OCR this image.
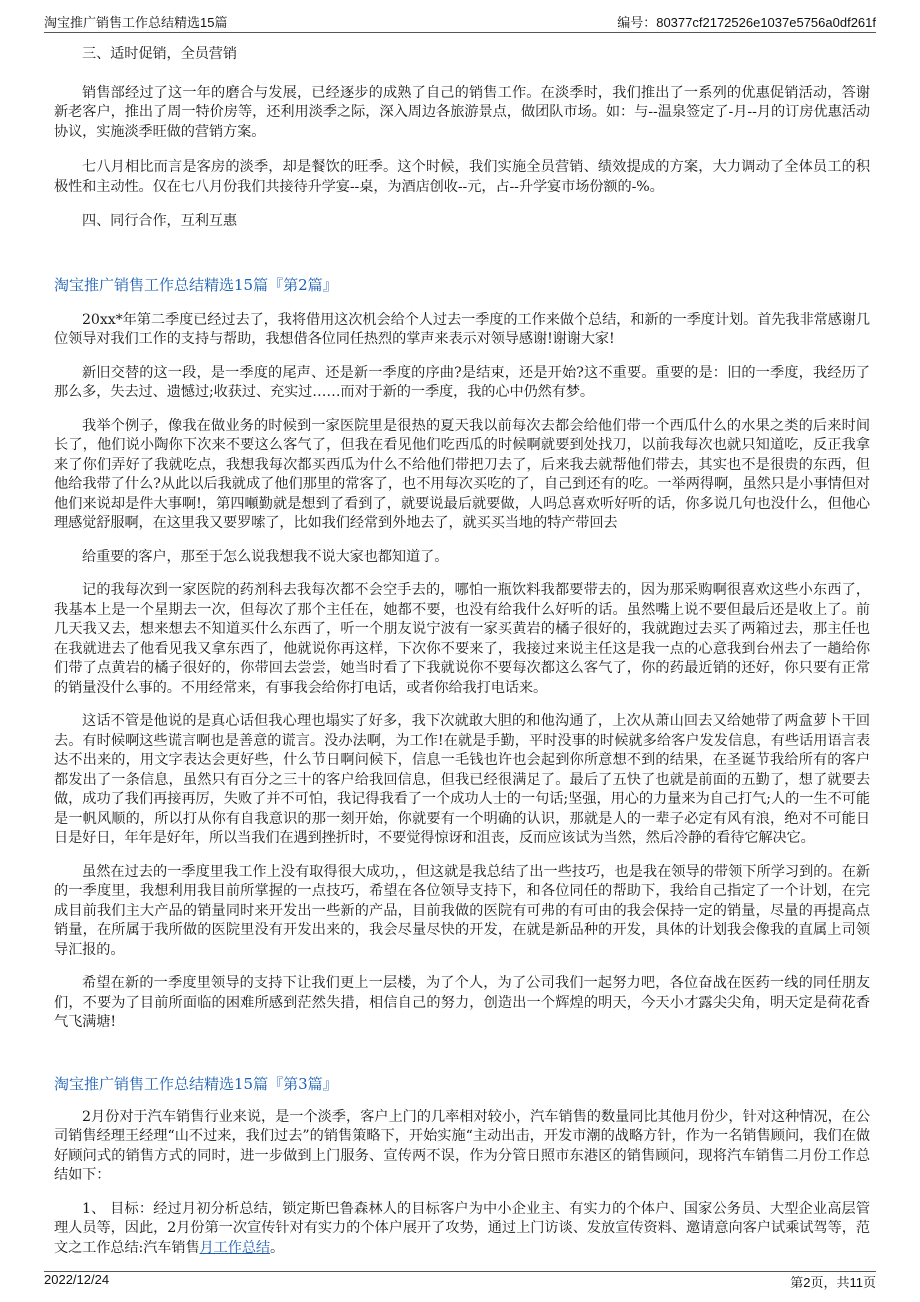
淘宝推广销售工作总结精选15篇	编号：80377cf2172526e1037e5756a0df261f

三、适时促销，全员营销

销售部经过了这一年的磨合与发展，已经逐步的成熟了自己的销售工作。在淡季时，我们推出了一系列的优惠促销活动，答谢新老客户，推出了周一特价房等，还利用淡季之际，深入周边各旅游景点，做团队市场。如：与--温泉签定了-月--月的订房优惠活动协议，实施淡季旺做的营销方案。

七八月相比而言是客房的淡季，却是餐饮的旺季。这个时候，我们实施全员营销、绩效提成的方案，大力调动了全体员工的积极性和主动性。仅在七八月份我们共接待升学宴--桌，为酒店创收--元，占--升学宴市场份额的-%。

四、同行合作，互利互惠

淘宝推广销售工作总结精选15篇『第2篇』

20xx*年第二季度已经过去了，我将借用这次机会给个人过去一季度的工作来做个总结，和新的一季度计划。首先我非常感谢几位领导对我们工作的支持与帮助，我想借各位同任热烈的掌声来表示对领导感谢!谢谢大家!

新旧交替的这一段，是一季度的尾声、还是新一季度的序曲?是结束，还是开始?这不重要。重要的是：旧的一季度，我经历了那么多，失去过、遗憾过;收获过、充实过……而对于新的一季度，我的心中仍然有梦。

我举个例子，像我在做业务的时候到一家医院里是很热的夏天我以前每次去都会给他们带一个西瓜什么的水果之类的后来时间长了，他们说小陶你下次来不要这么客气了，但我在看见他们吃西瓜的时候啊就要到处找刀，以前我每次也就只知道吃，反正我拿来了你们弄好了我就吃点，我想我每次都买西瓜为什么不给他们带把刀去了，后来我去就帮他们带去，其实也不是很贵的东西，但他给我带了什么?从此以后我就成了他们那里的常客了，也不用每次买吃的了，自己到还有的吃。一举两得啊，虽然只是小事情但对他们来说却是件大事啊!，第四噸勤就是想到了看到了，就要说最后就要做，人吗总喜欢听好听的话，你多说几句也没什么，但他心理感觉舒服啊，在这里我又要罗嗦了，比如我们经常到外地去了，就买买当地的特产带回去

给重要的客户，那至于怎么说我想我不说大家也都知道了。

记的我每次到一家医院的药剂科去我每次都不会空手去的，哪怕一瓶饮料我都要带去的，因为那采购啊很喜欢这些小东西了，我基本上是一个星期去一次，但每次了那个主任在，她都不要，也没有给我什么好听的话。虽然嘴上说不要但最后还是收上了。前几天我又去，想来想去不知道买什么东西了，听一个朋友说宁波有一家买黄岩的橘子很好的，我就跑过去买了两箱过去，那主任也在我就进去了他看见我又拿东西了，他就说你再这样，下次你不要来了，我接过来说主任这是我一点的心意我到台州去了一趟给你们带了点黄岩的橘子很好的，你带回去尝尝，她当时看了下我就说你不要每次都这么客气了，你的药最近销的还好，你只要有正常的销量没什么事的。不用经常来，有事我会给你打电话，或者你给我打电话来。

这话不管是他说的是真心话但我心理也塌实了好多，我下次就敢大胆的和他沟通了，上次从萧山回去又给她带了两盒萝卜干回去。有时候啊这些谎言啊也是善意的谎言。没办法啊，为工作!在就是手勤，平时没事的时候就多给客户发发信息，有些话用语言表达不出来的，用文字表达会更好些，什么节日啊问候下，信息一毛钱也许也会起到你所意想不到的结果，在圣诞节我给所有的客户都发出了一条信息，虽然只有百分之三十的客户给我回信息，但我已经很满足了。最后了五快了也就是前面的五勤了，想了就要去做，成功了我们再接再厉，失败了并不可怕，我记得我看了一个成功人士的一句话;坚强，用心的力量来为自己打气;人的一生不可能是一帆风顺的，所以打从你有自我意识的那一刻开始，你就要有一个明确的认识，那就是人的一辈子必定有风有浪，绝对不可能日日是好日，年年是好年，所以当我们在遇到挫折时，不要觉得惊讶和沮丧，反而应该试为当然，然后冷静的看待它解决它。

虽然在过去的一季度里我工作上没有取得很大成功，，但这就是我总结了出一些技巧，也是我在领导的带领下所学习到的。在新的一季度里，我想利用我目前所掌握的一点技巧，希望在各位领导支持下，和各位同任的帮助下，我给自己指定了一个计划，在完成目前我们主大产品的销量同时来开发出一些新的产品，目前我做的医院有可弗的有可由的我会保持一定的销量，尽量的再提高点销量，在所属于我所做的医院里没有开发出来的，我会尽量尽快的开发，在就是新品种的开发，具体的计划我会像我的直属上司领导汇报的。

希望在新的一季度里领导的支持下让我们更上一层楼，为了个人，为了公司我们一起努力吧，各位奋战在医药一线的同任朋友们，不要为了目前所面临的困难所感到茫然失措，相信自己的努力，创造出一个辉煌的明天，今天小才露尖尖角，明天定是荷花香气飞满塘!

淘宝推广销售工作总结精选15篇『第3篇』

2月份对于汽车销售行业来说，是一个淡季，客户上门的几率相对较小，汽车销售的数量同比其他月份少，针对这种情况，在公司销售经理王经理“山不过来，我们过去”的销售策略下，开始实施“主动出击，开发市潮的战略方针，作为一名销售顾问，我们在做好顾问式的销售方式的同时，进一步做到上门服务、宣传两不误，作为分管日照市东港区的销售顾问，现将汽车销售二月份工作总结如下：

1、 目标：经过月初分析总结，锁定斯巴鲁森林人的目标客户为中小企业主、有实力的个体户、国家公务员、大型企业高层管理人员等，因此，2月份第一次宣传针对有实力的个体户展开了攻势，通过上门访谈、发放宣传资料、邀请意向客户试乘试驾等，范文之工作总结:汽车销售月工作总结。

2022/12/24	第2页，共11页
